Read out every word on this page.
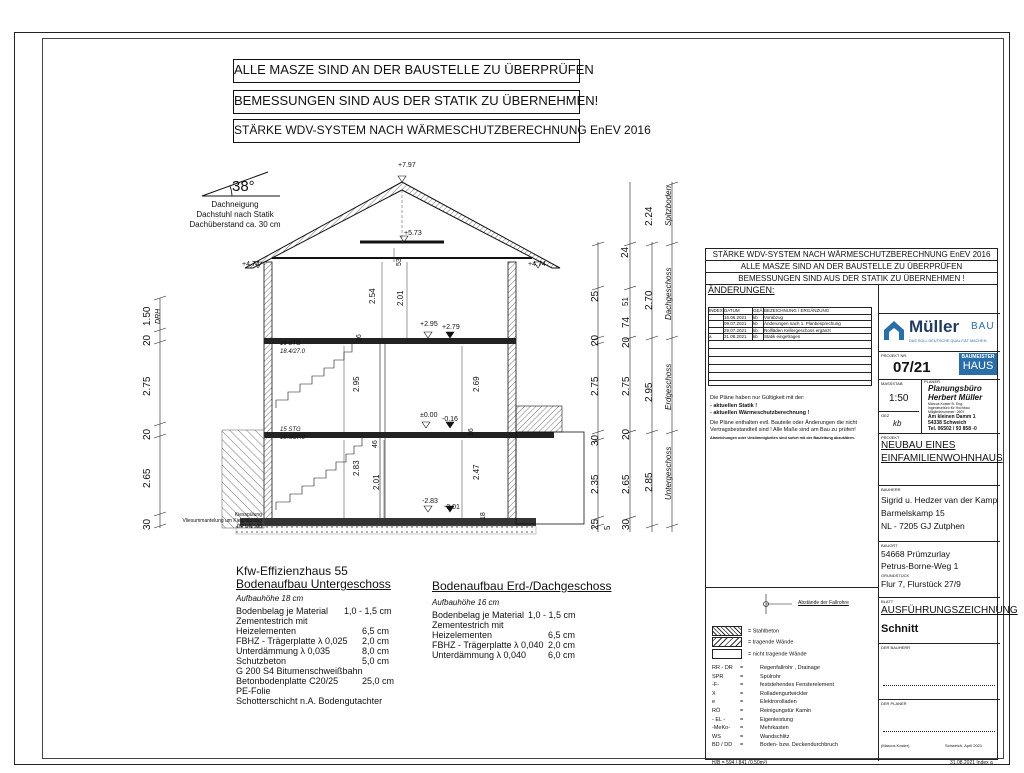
ALLE MASZE SIND AN DER BAUSTELLE ZU ÜBERPRÜFEN
BEMESSUNGEN SIND AUS DER STATIK ZU ÜBERNEHMEN!
STÄRKE WDV-SYSTEM NACH WÄRMESCHUTZBERECHNUNG EnEV 2016
38°
Dachneigung
Dachstuhl nach Statik
Dachüberstand ca. 30 cm
+7.97
+5.73
+4.74	+4.74
+2.95 +2.79
±0.00
-0.16
-2.83
-3.01
16 STG
18.4/27.0
15 STG
18.9/27.0
2.54 2.01
2.95	2.69
2.83
2.01
2.47
53
16
16
18
46
1.50 DRH
20
2.75
20
2.65
30
24
25
20
2.75
30
2.35
25 5
74
51
20
2.75
20
2.65
30
2.24
2.70
2.95
2.85
Spitzboden
Dachgeschoss
Erdgeschoss
Untergeschoss
Kiesspülung
Vliesummantelung um Kiespackung
DP DN 100
Kfw-Effizienzhaus 55
Bodenaufbau Untergeschoss
Aufbauhöhe 18 cm
Bodenbelag je Material	1,0 - 1,5 cm
Zementestrich mit
Heizelementen	6,5 cm
FBHZ - Trägerplatte λ 0,025	2,0 cm
Unterdämmung λ 0,035	8,0 cm
Schutzbeton	5,0 cm
G 200 S4 Bitumenschweißbahn
Betonbodenplatte C20/25	25,0 cm
PE-Folie
Schotterschicht n.A. Bodengutachter
Bodenaufbau Erd-/Dachgeschoss
Aufbauhöhe 16 cm
Bodenbelag je Material 1,0 - 1,5 cm
Zementestrich mit
Heizelementen	6,5 cm
FBHZ - Trägerplatte λ 0,040 2,0 cm
Unterdämmung λ 0,040	6,0 cm
STÄRKE WDV-SYSTEM NACH WÄRMESCHUTZBERECHNUNG EnEV 2016
ALLE MASZE SIND AN DER BAUSTELLE ZU ÜBERPRÜFEN
BEMESSUNGEN SIND AUS DER STATIK ZU ÜBERNEHMEN !
ÄNDERUNGEN:
INDEX DATUM	GEÄ BEZEICHNUNG / ERGÄNZUNG
16.06.2021	kb	Vorabzug
09.07.2021	kb	Änderungen nach 1. Planbesprechung
29.07.2021	kb	Rollläden Kellergeschoss ergänzt
a	31.08.2021	kb	Statik eingetragen
Die Pläne haben nur Gültigkeit mit der:
- aktuellen Statik !
- aktuellen Wärmeschutzberechnung !
Die Pläne enthalten evtl. Bauteile oder Änderungen die nicht Vertragsbestandteil sind ! Alle Maße sind am Bau zu prüfen!
Abweichungen oder Unstimmigkeiten sind sofort mit der Bauleitung abzuklären.
Müller BAU
DAS SOLL DEUTSCHE QUALITÄT MACHEN
PROJEKT NR.
07/21
BAUMEISTER
HAUS
MASSSTAB
1:50
GEZ
kb
PLANER
Planungsbüro
Herbert Müller
Marcus Koster B. Eng.
Ingenieurbüro für Hochbau
Mitgliedsnummer: 2607
Am kleinen Damm 1
54338 Schweich
Tel. 06502 / 93 858 -0
PROJEKT
NEUBAU EINES
EINFAMILIENWOHNHAUS
BAUHERR
Sigrid u. Hedzer van der Kamp
Barmelskamp 15
NL - 7205 GJ Zutphen
BAUORT
54668 Prümzurlay
Petrus-Borne-Weg 1
GRUNDSTÜCK
Flur 7, Flurstück 27/9
BLATT
AUSFÜHRUNGSZEICHNUNG
Schnitt
DER BAUHERR
DER PLANER
(Marcus Koster)	Schweich, April 2021
Abstände der Fallrohre
= Stahlbeton
= tragende Wände
= nicht tragende Wände
RR - DR	=	Regenfallrohr , Drainage
SPR	=	Spülrohr
-F-	=	feststehendes Fensterelement
X	=	Rolladengurtwickler
e	=	Elektrorolladen
RÖ	=	Reinigungstür Kamin
- EL -	=	Eigenleistung
-MeKo-	=	Mehrkasten
WS	=	Wandschlitz
BD / DD	=	Boden- bzw. Deckendurchbruch
H/B = 594 / 841 (0.50m²)	31.08.2021 Index a
